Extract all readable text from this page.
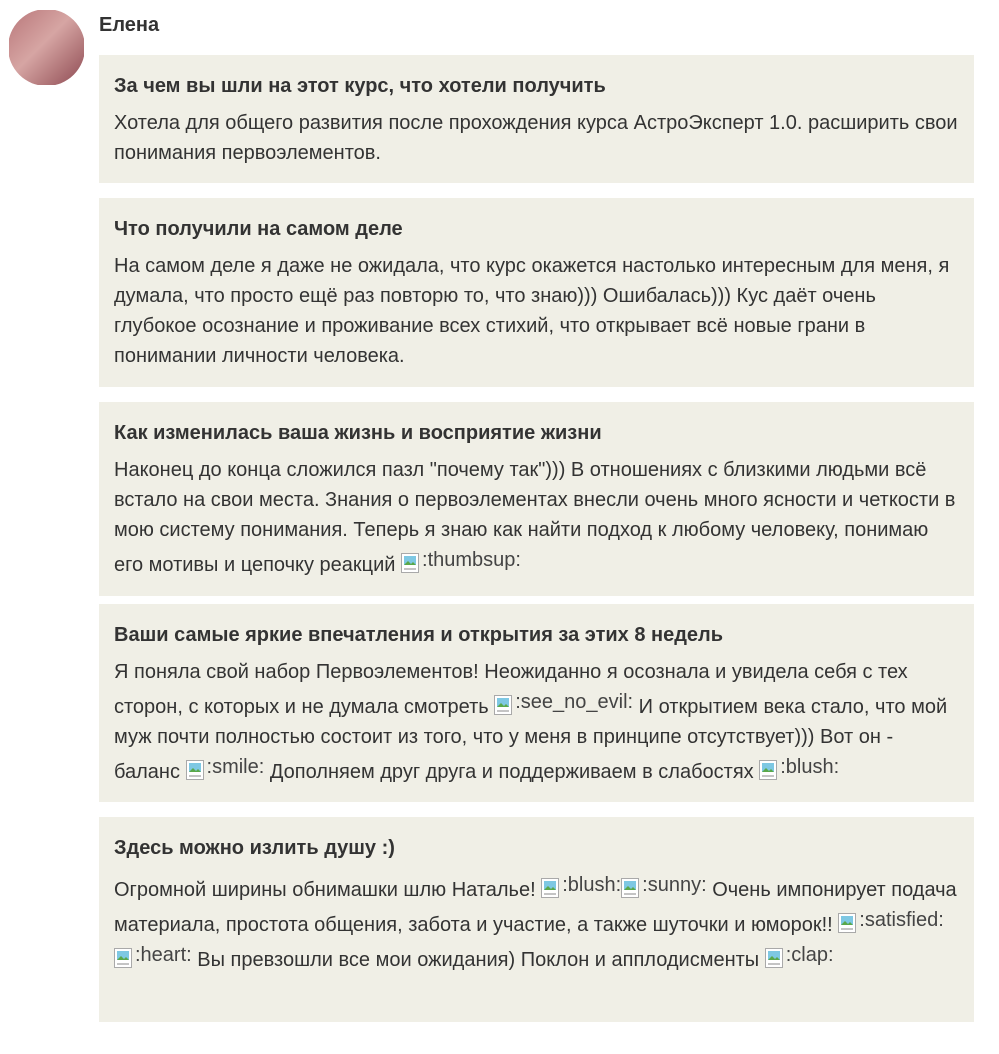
Елена
За чем вы шли на этот курс, что хотели получить

Хотела для общего развития после прохождения курса АстроЭксперт 1.0. расширить свои понимания первоэлементов.

Что получили на самом деле

На самом деле я даже не ожидала, что курс окажется настолько интересным для меня, я думала, что просто ещё раз повторю то, что знаю))) Ошибалась))) Кус даёт очень глубокое осознание и проживание всех стихий, что открывает всё новые грани в понимании личности человека.

Как изменилась ваша жизнь и восприятие жизни

Наконец до конца сложился пазл "почему так"))) В отношениях с близкими людьми всё встало на свои места. Знания о первоэлементах внесли очень много ясности и четкости в мою систему понимания. Теперь я знаю как найти подход к любому человеку, понимаю его мотивы и цепочку реакций :thumbsup:

Ваши самые яркие впечатления и открытия за этих 8 недель

Я поняла свой набор Первоэлементов! Неожиданно я осознала и увидела себя с тех сторон, с которых и не думала смотреть :see_no_evil: И открытием века стало, что мой муж почти полностью состоит из того, что у меня в принципе отсутствует))) Вот он - баланс :smile: Дополняем друг друга и поддерживаем в слабостях :blush:

Здесь можно излить душу :)

Огромной ширины обнимашки шлю Наталье! :blush: :sunny: Очень импонирует подача материала, простота общения, забота и участие, а также шуточки и юморок!! :satisfied:
:heart: Вы превзошли все мои ожидания) Поклон и апплодисменты :clap:
